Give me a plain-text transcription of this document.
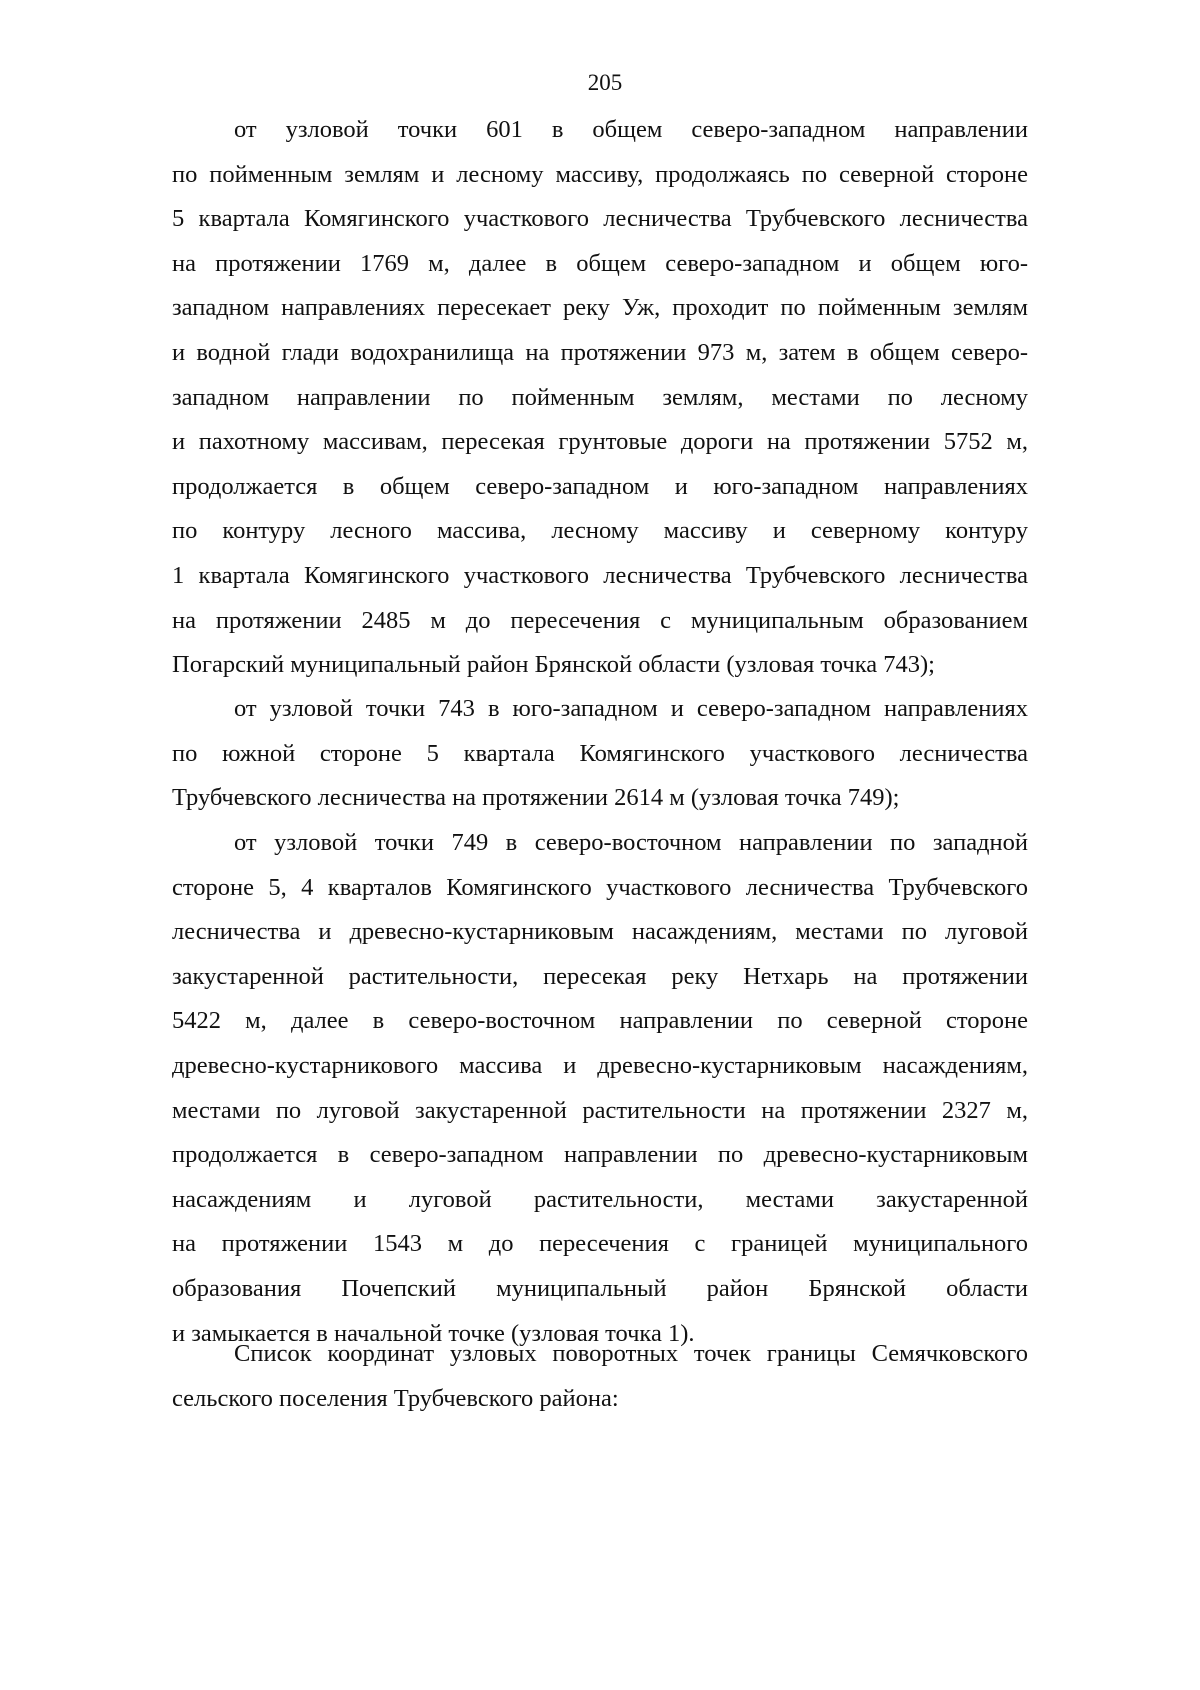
205
от узловой точки 601 в общем северо-западном направлении
по пойменным землям и лесному массиву, продолжаясь по северной стороне
5 квартала Комягинского участкового лесничества Трубчевского лесничества
на протяжении 1769 м, далее в общем северо-западном и общем юго-
западном направлениях пересекает реку Уж, проходит по пойменным землям
и водной глади водохранилища на протяжении 973 м, затем в общем северо-
западном направлении по пойменным землям, местами по лесному
и пахотному массивам, пересекая грунтовые дороги на протяжении 5752 м,
продолжается в общем северо-западном и юго-западном направлениях
по контуру лесного массива, лесному массиву и северному контуру
1 квартала Комягинского участкового лесничества Трубчевского лесничества
на протяжении 2485 м до пересечения с муниципальным образованием
Погарский муниципальный район Брянской области (узловая точка 743);
от узловой точки 743 в юго-западном и северо-западном направлениях
по южной стороне 5 квартала Комягинского участкового лесничества
Трубчевского лесничества на протяжении 2614 м (узловая точка 749);
от узловой точки 749 в северо-восточном направлении по западной
стороне 5, 4 кварталов Комягинского участкового лесничества Трубчевского
лесничества и древесно-кустарниковым насаждениям, местами по луговой
закустаренной растительности, пересекая реку Нетхарь на протяжении
5422 м, далее в северо-восточном направлении по северной стороне
древесно-кустарникового массива и древесно-кустарниковым насаждениям,
местами по луговой закустаренной растительности на протяжении 2327 м,
продолжается в северо-западном направлении по древесно-кустарниковым
насаждениям и луговой растительности, местами закустаренной
на протяжении 1543 м до пересечения с границей муниципального
образования Почепский муниципальный район Брянской области
и замыкается в начальной точке (узловая точка 1).
Список координат узловых поворотных точек границы Семячковского
сельского поселения Трубчевского района:
